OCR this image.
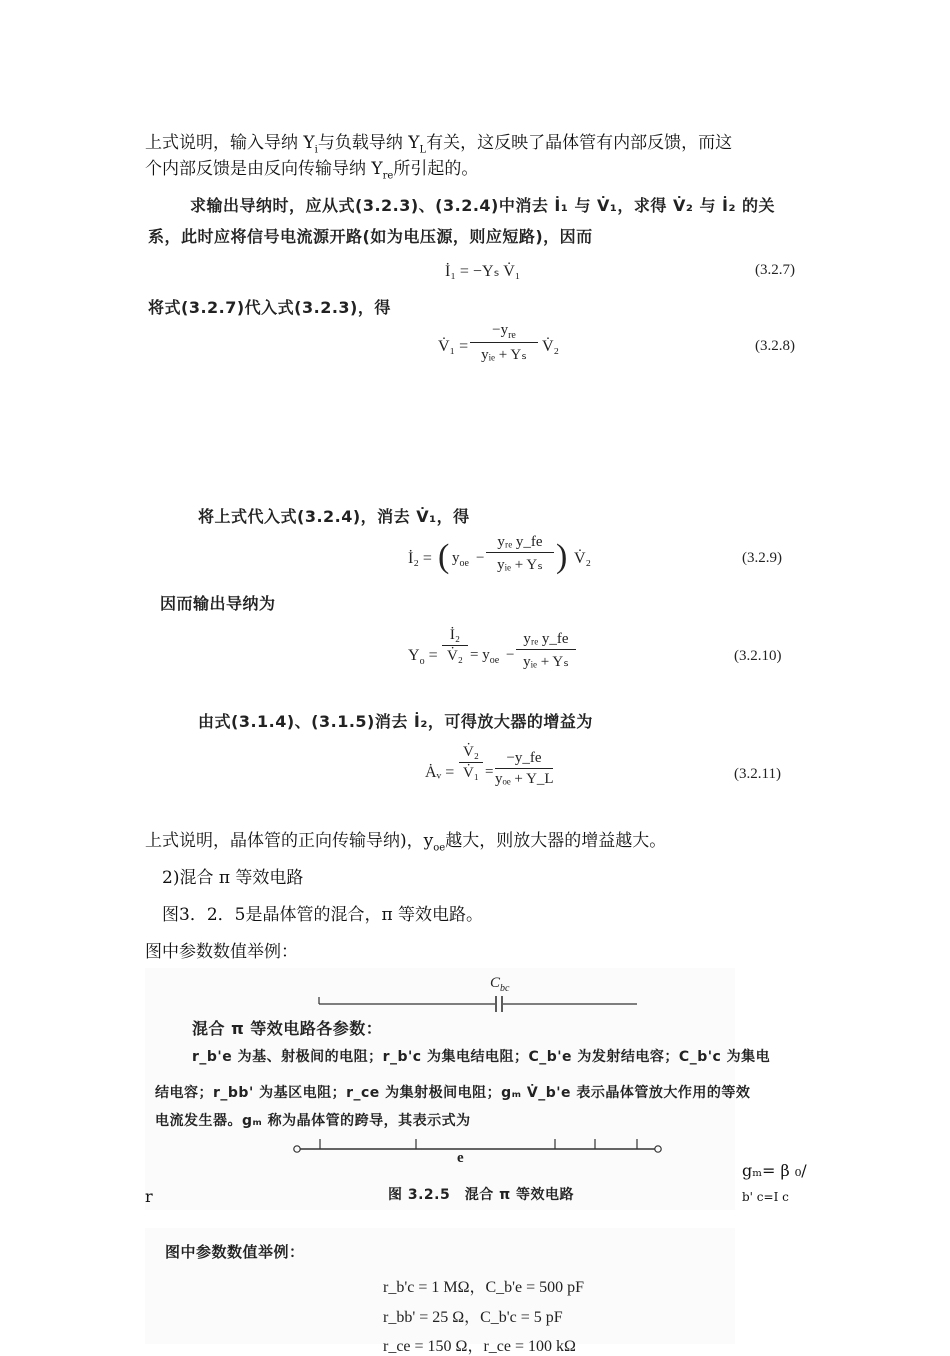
上式说明，输入导纳 $Y_i$与负载导纳 $Y_L$有关，这反映了晶体管有内部反馈，而这
个内部反馈是由反向传输导纳 $Y_{re}$所引起的。
求输出导纳时，应从式(3.2.3)、(3.2.4)中消去 İ₁ 与 V̇₁，求得 V̇₂ 与 İ₂ 的关
系，此时应将信号电流源开路(如为电压源，则应短路)，因而
İ₁ = −Yₛ V̇₁	(3.2.7)
将式(3.2.7)代入式(3.2.3)，得
V̇₁ =
$-y_{re}$
yᵢₑ + Yₛ V̇₂	(3.2.8)
将上式代入式(3.2.4)，消去 V̇₁，得
İ₂ = ( $y_{oe}$ −
yᵣₑ y_fe
yᵢₑ + Yₛ ) V̇₂	(3.2.9)
因而输出导纳为
$Y_o = \frac{\text{İ₂}}{\text{V̇₂}} = y_{oe}$ −
yᵣₑ y_fe
yᵢₑ + Yₛ	(3.2.10)
由式(3.1.4)、(3.1.5)消去 İ₂，可得放大器的增益为
Ȧᵥ = $\frac{\text{V̇₂}}{\text{V̇₁}}$ =
−y_fe
yₒₑ + Y_L	(3.2.11)
上式说明，晶体管的正向传输导纳)，$y_{oe}$越大，则放大器的增益越大。
2)混合 π 等效电路
图3．2．5是晶体管的混合，π 等效电路。
图中参数数值举例：
$C_{bc}$
混合 π 等效电路各参数：
r_b'e 为基、射极间的电阻；r_b'c 为集电结电阻；C_b'e 为发射结电容；C_b'c 为集电
结电容；r_bb' 为基区电阻；r_ce 为集射极间电阻；gₘ V̇_b'e 表示晶体管放大作用的等效
电流发生器。gₘ 称为晶体管的跨导，其表示式为
e
图 3.2.5　混合 π 等效电路
gₘ= β ₀/
r	b' c=I c
图中参数数值举例：
r_b'c = 1 MΩ，C_b'e = 500 pF
r_bb' = 25 Ω，C_b'c = 5 pF
r_ce = 150 Ω，r_ce = 100 kΩ
